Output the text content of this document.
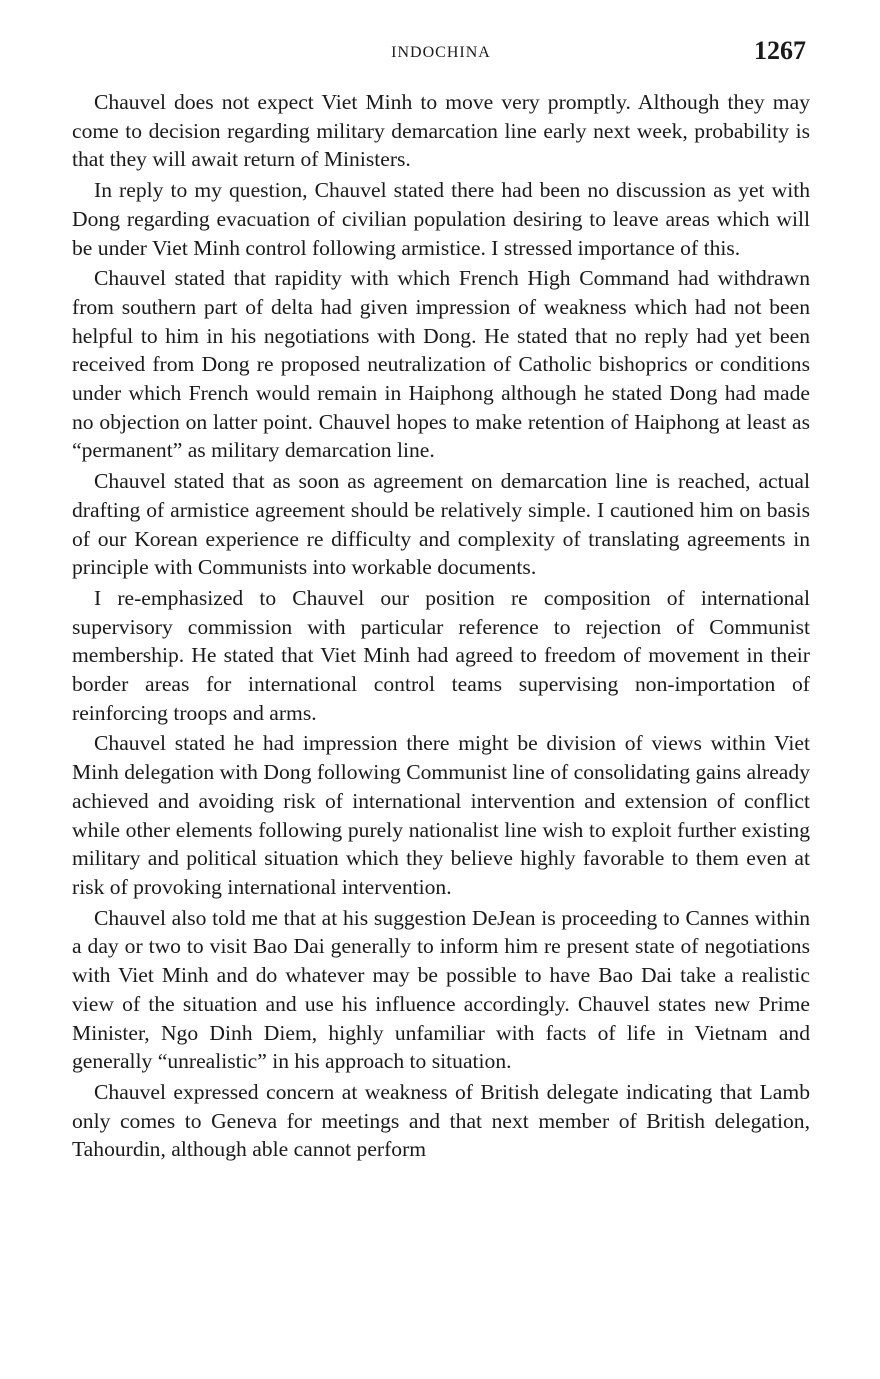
INDOCHINA	1267

Chauvel does not expect Viet Minh to move very promptly. Although they may come to decision regarding military demarcation line early next week, probability is that they will await return of Ministers.

In reply to my question, Chauvel stated there had been no discussion as yet with Dong regarding evacuation of civilian population desiring to leave areas which will be under Viet Minh control following armistice. I stressed importance of this.

Chauvel stated that rapidity with which French High Command had withdrawn from southern part of delta had given impression of weakness which had not been helpful to him in his negotiations with Dong. He stated that no reply had yet been received from Dong re proposed neutralization of Catholic bishoprics or conditions under which French would remain in Haiphong although he stated Dong had made no objection on latter point. Chauvel hopes to make retention of Haiphong at least as “permanent” as military demarcation line.

Chauvel stated that as soon as agreement on demarcation line is reached, actual drafting of armistice agreement should be relatively simple. I cautioned him on basis of our Korean experience re difficulty and complexity of translating agreements in principle with Communists into workable documents.

I re-emphasized to Chauvel our position re composition of international supervisory commission with particular reference to rejection of Communist membership. He stated that Viet Minh had agreed to freedom of movement in their border areas for international control teams supervising non-importation of reinforcing troops and arms.

Chauvel stated he had impression there might be division of views within Viet Minh delegation with Dong following Communist line of consolidating gains already achieved and avoiding risk of international intervention and extension of conflict while other elements following purely nationalist line wish to exploit further existing military and political situation which they believe highly favorable to them even at risk of provoking international intervention.

Chauvel also told me that at his suggestion DeJean is proceeding to Cannes within a day or two to visit Bao Dai generally to inform him re present state of negotiations with Viet Minh and do whatever may be possible to have Bao Dai take a realistic view of the situation and use his influence accordingly. Chauvel states new Prime Minister, Ngo Dinh Diem, highly unfamiliar with facts of life in Vietnam and generally “unrealistic” in his approach to situation.

Chauvel expressed concern at weakness of British delegate indicating that Lamb only comes to Geneva for meetings and that next member of British delegation, Tahourdin, although able cannot perform
